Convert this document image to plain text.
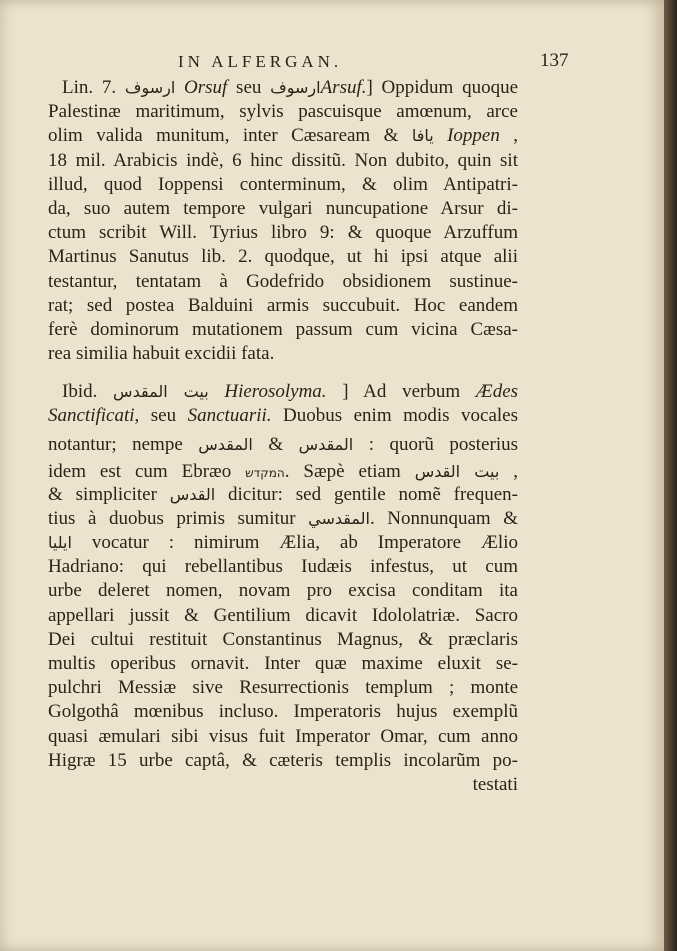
IN ALFERGAN.	137
Lin. 7. ارسوف Orsuf seu ارسوفArsuf.] Oppidum quoque
Palestinæ maritimum, sylvis pascuisque amœnum, arce
olim valida munitum, inter Cæsaream & يافا Ioppen ,
18 mil. Arabicis indè, 6 hinc dissitũ. Non dubito, quin sit
illud, quod Ioppensi conterminum, & olim Antipatri-
da, suo autem tempore vulgari nuncupatione Arsur di-
ctum scribit Will. Tyrius libro 9: & quoque Arzuffum
Martinus Sanutus lib. 2. quodque, ut hi ipsi atque alii
testantur, tentatam à Godefrido obsidionem sustinue-
rat; sed postea Balduini armis succubuit. Hoc eandem
ferè dominorum mutationem passum cum vicina Cæsa-
rea similia habuit excidii fata.
Ibid. بيت المقدس Hierosolyma. ] Ad verbum Ædes
Sanctificati, seu Sanctuarii. Duobus enim modis vocales
notantur; nempe المقدس & المقدس : quorũ posterius
idem est cum Ebræo המקדש. Sæpè etiam بيت القدس ,
& simpliciter القدس dicitur: sed gentile nomẽ frequen-
tius à duobus primis sumitur المقدسي. Nonnunquam &
ايليا vocatur : nimirum Ælia, ab Imperatore Ælio
Hadriano: qui rebellantibus Iudæis infestus, ut cum
urbe deleret nomen, novam pro excisa conditam ita
appellari jussit & Gentilium dicavit Idololatriæ. Sacro
Dei cultui restituit Constantinus Magnus, & præclaris
multis operibus ornavit. Inter quæ maxime eluxit se-
pulchri Messiæ sive Resurrectionis templum ; monte
Golgothâ mœnibus incluso. Imperatoris hujus exemplũ
quasi æmulari sibi visus fuit Imperator Omar, cum anno
Higræ 15 urbe captâ, & cæteris templis incolarũm po-
testati
